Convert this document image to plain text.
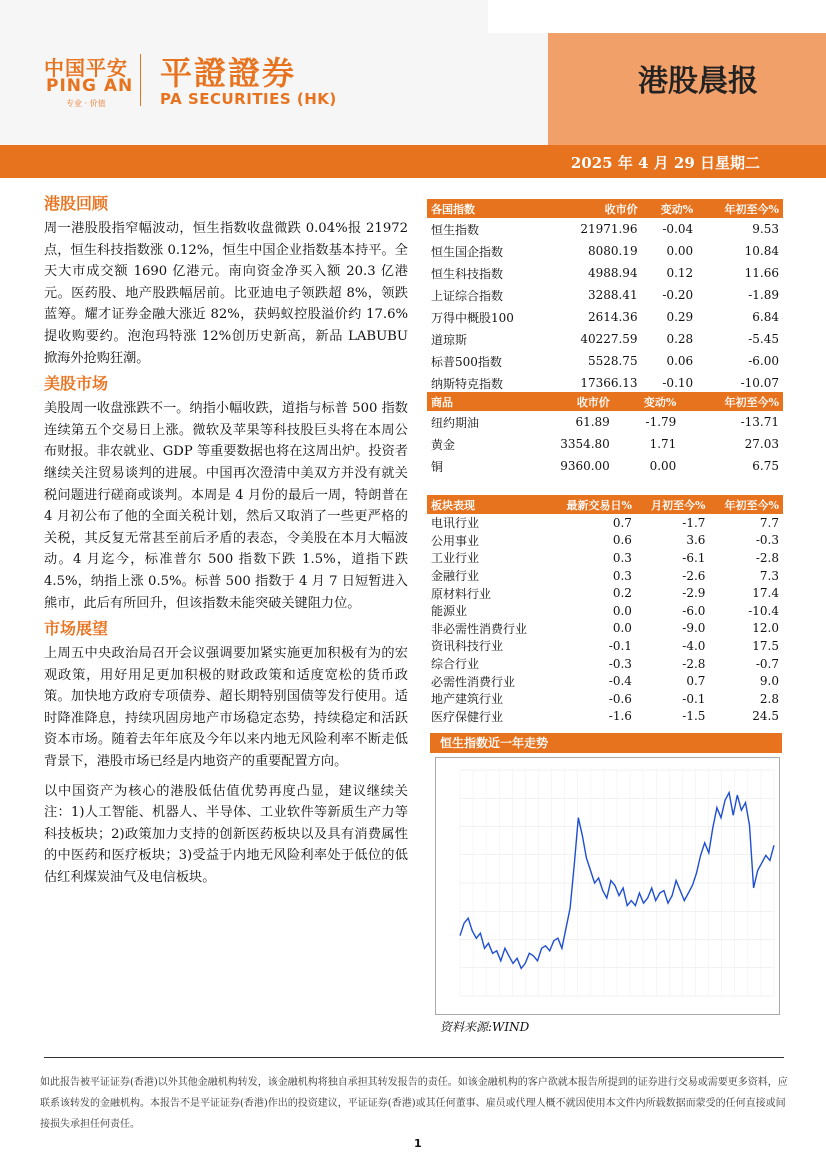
中国平安
PING AN
专业 · 价值
平證證券
PA SECURITIES (HK)	港股晨报
2025 年 4 月 29 日星期二
港股回顾

周一港股股指窄幅波动，恒生指数收盘微跌 0.04%报 21972 点，恒生科技指数涨 0.12%，恒生中国企业指数基本持平。全天大市成交额 1690 亿港元。南向资金净买入额 20.3 亿港元。医药股、地产股跌幅居前。比亚迪电子领跌超 8%，领跌蓝筹。耀才证券金融大涨近 82%，获蚂蚁控股溢价约 17.6%提收购要约。泡泡玛特涨 12%创历史新高，新品 LABUBU 掀海外抢购狂潮。

美股市场

美股周一收盘涨跌不一。纳指小幅收跌，道指与标普 500 指数连续第五个交易日上涨。微软及苹果等科技股巨头将在本周公布财报。非农就业、GDP 等重要数据也将在这周出炉。投资者继续关注贸易谈判的进展。中国再次澄清中美双方并没有就关税问题进行磋商或谈判。本周是 4 月份的最后一周，特朗普在 4 月初公布了他的全面关税计划，然后又取消了一些更严格的关税，其反复无常甚至前后矛盾的表态，令美股在本月大幅波动。4 月迄今，标准普尔 500 指数下跌 1.5%，道指下跌 4.5%，纳指上涨 0.5%。标普 500 指数于 4 月 7 日短暂进入熊市，此后有所回升，但该指数未能突破关键阻力位。

市场展望

上周五中央政治局召开会议强调要加紧实施更加积极有为的宏观政策，用好用足更加积极的财政政策和适度宽松的货币政策。加快地方政府专项债券、超长期特别国债等发行使用。适时降准降息，持续巩固房地产市场稳定态势，持续稳定和活跃资本市场。随着去年年底及今年以来内地无风险利率不断走低背景下，港股市场已经是内地资产的重要配置方向。

以中国资产为核心的港股低估值优势再度凸显，建议继续关注：1)人工智能、机器人、半导体、工业软件等新质生产力等科技板块；2)政策加力支持的创新医药板块以及具有消费属性的中医药和医疗板块；3)受益于内地无风险利率处于低位的低估红利煤炭油气及电信板块。

各国指数	收市价	变动%	年初至今%
恒生指数	21971.96	-0.04	9.53
恒生国企指数	8080.19	0.00	10.84
恒生科技指数	4988.94	0.12	11.66
上证综合指数	3288.41	-0.20	-1.89
万得中概股100	2614.36	0.29	6.84
道琼斯	40227.59	0.28	-5.45
标普500指数	5528.75	0.06	-6.00
纳斯特克指数	17366.13	-0.10	-10.07
商品	收市价	变动%	年初至今%
纽约期油	61.89	-1.79	-13.71
黄金	3354.80	1.71	27.03
铜	9360.00	0.00	6.75
板块表现	最新交易日%	月初至今%	年初至今%
电讯行业	0.7	-1.7	7.7
公用事业	0.6	3.6	-0.3
工业行业	0.3	-6.1	-2.8
金融行业	0.3	-2.6	7.3
原材料行业	0.2	-2.9	17.4
能源业	0.0	-6.0	-10.4
非必需性消费行业	0.0	-9.0	12.0
资讯科技行业	-0.1	-4.0	17.5
综合行业	-0.3	-2.8	-0.7
必需性消费行业	-0.4	0.7	9.0
地产建筑行业	-0.6	-0.1	2.8
医疗保健行业	-1.6	-1.5	24.5
恒生指数近一年走势
资料来源:WIND
如此报告被平证证券(香港)以外其他金融机构转发，该金融机构将独自承担其转发报告的责任。如该金融机构的客户欲就本报告所提到的证券进行交易或需要更多资料，应联系该转发的金融机构。本报告不是平证证券(香港)作出的投资建议，平证证券(香港)或其任何董事、雇员或代理人概不就因使用本文件内所载数据而蒙受的任何直接或间接损失承担任何责任。
1
